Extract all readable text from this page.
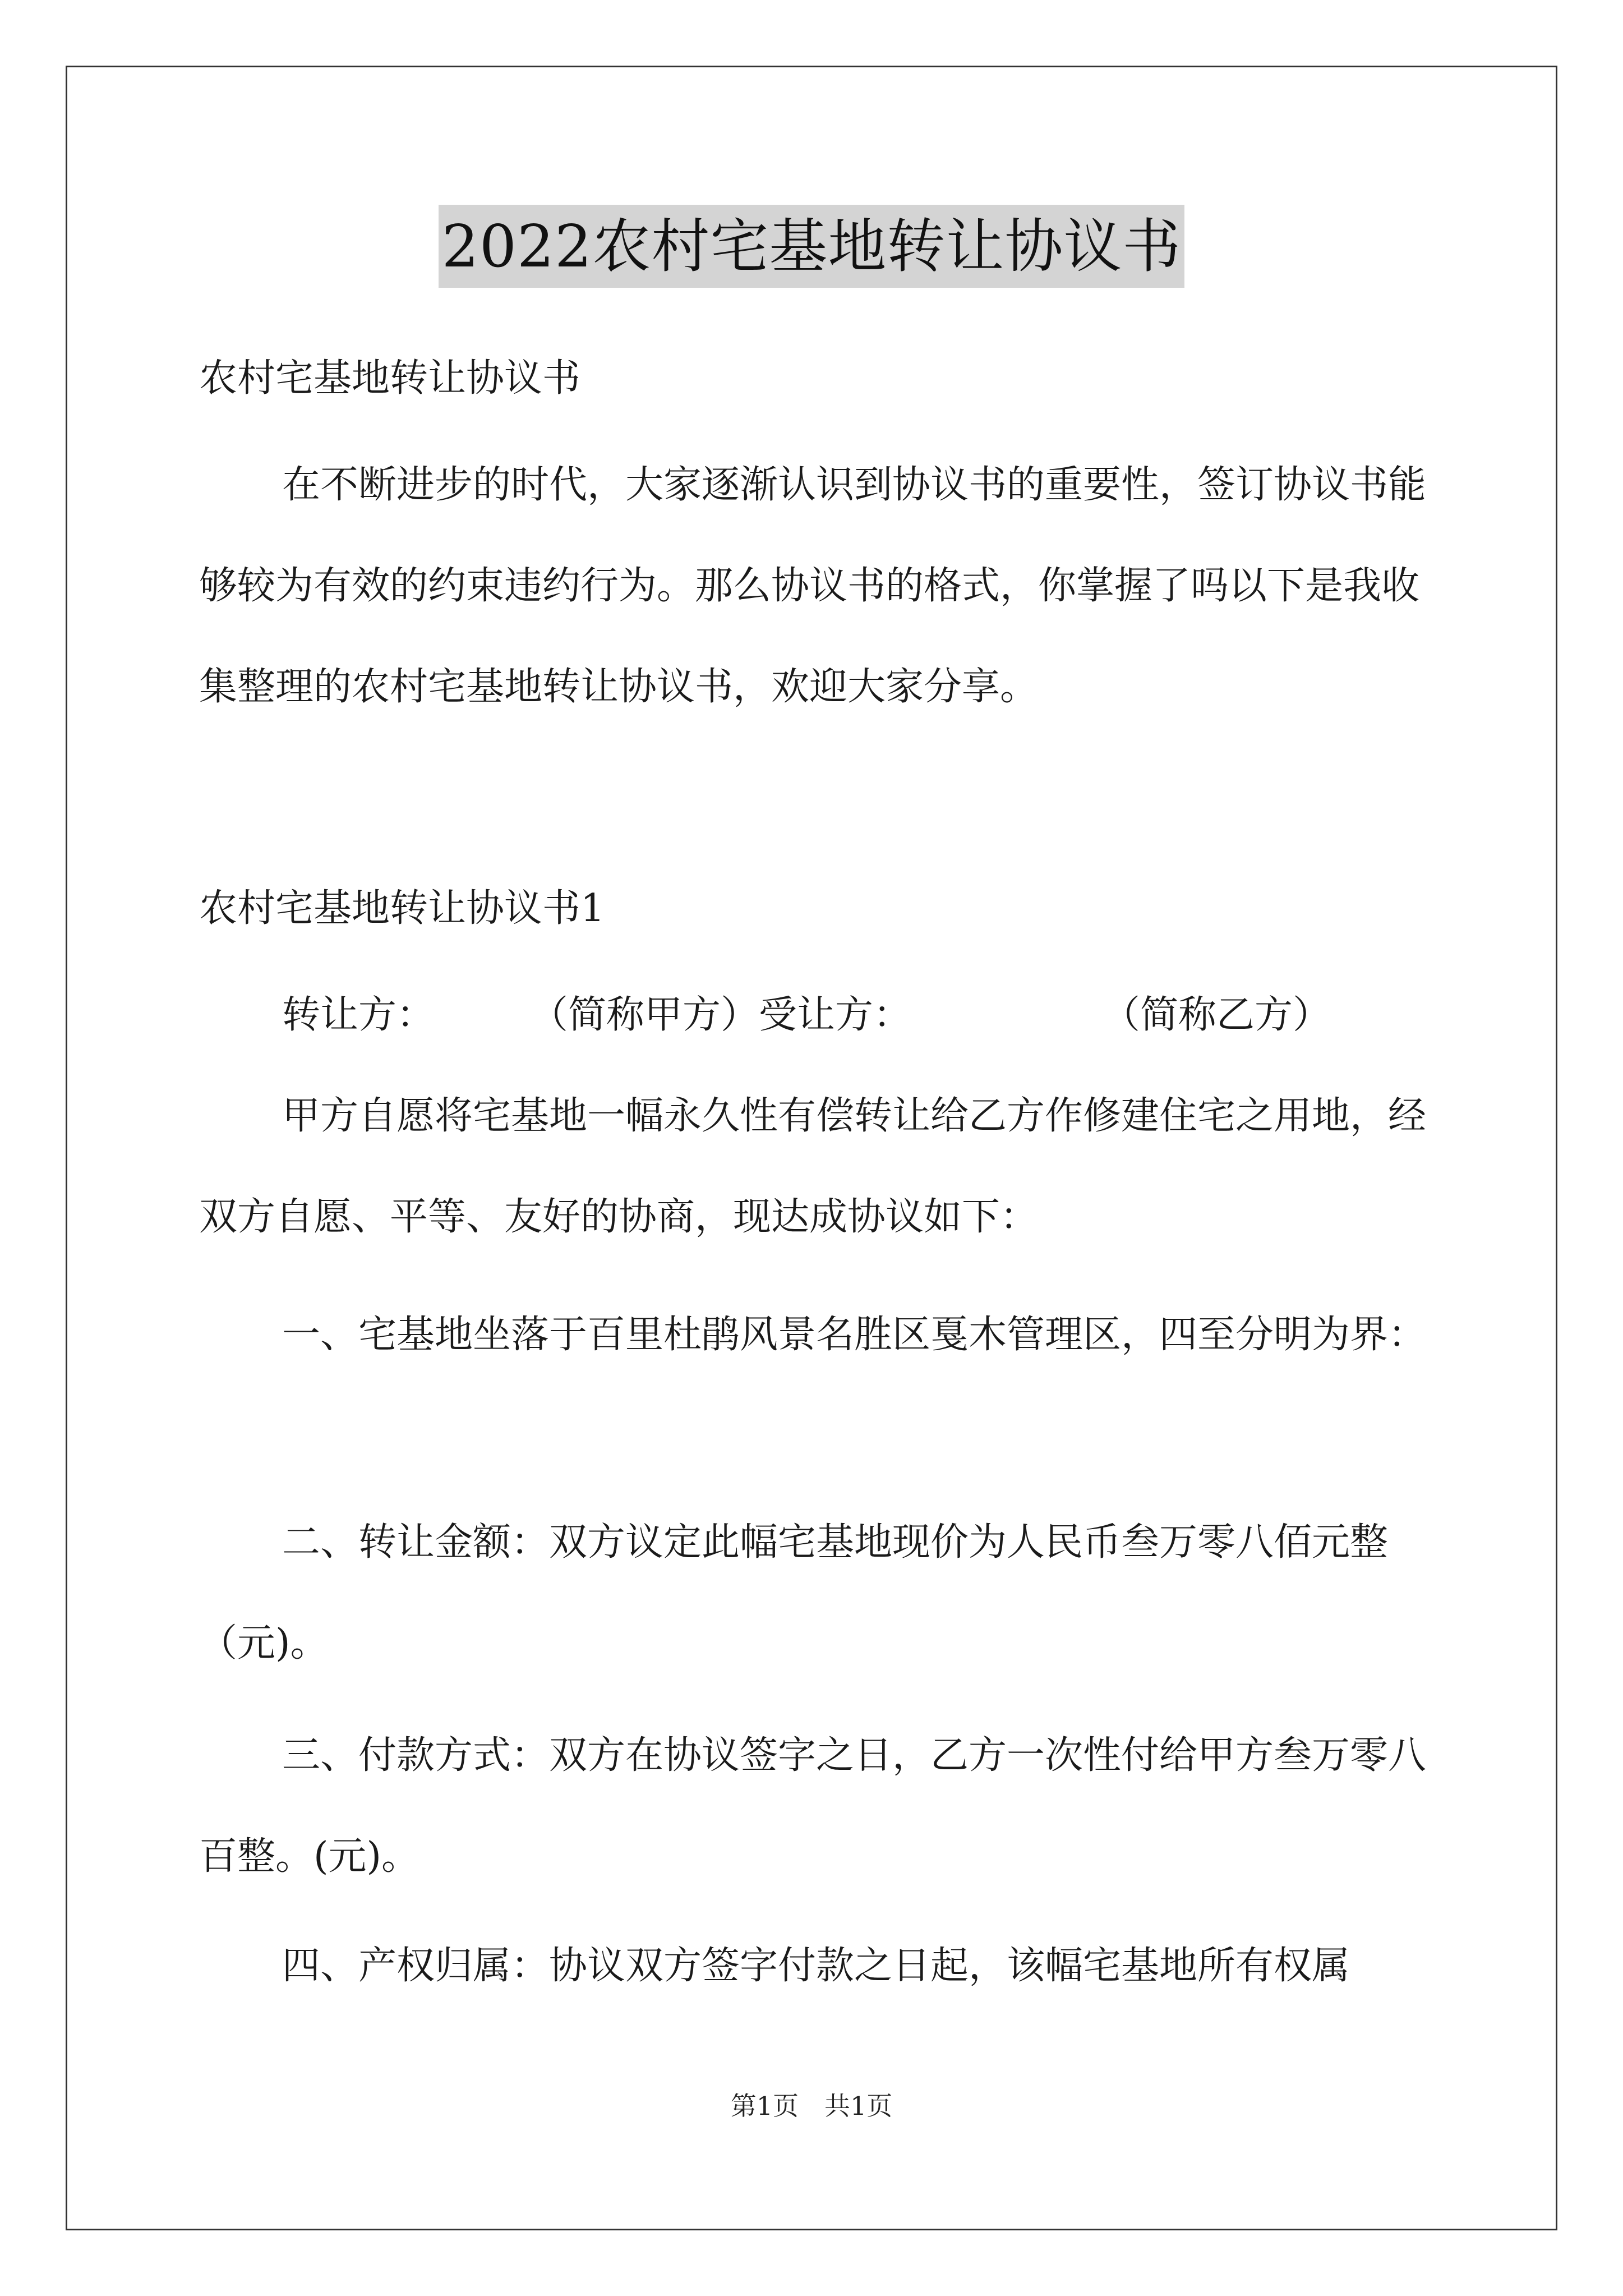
2022农村宅基地转让协议书

农村宅基地转让协议书

在不断进步的时代，大家逐渐认识到协议书的重要性，签订协议书能够较为有效的约束违约行为。那么协议书的格式，你掌握了吗以下是我收集整理的农村宅基地转让协议书，欢迎大家分享。

农村宅基地转让协议书1

转让方：	（简称甲方）受让方：	（简称乙方）

甲方自愿将宅基地一幅永久性有偿转让给乙方作修建住宅之用地，经双方自愿、平等、友好的协商，现达成协议如下：

一、宅基地坐落于百里杜鹃风景名胜区戛木管理区，四至分明为界：

二、转让金额：双方议定此幅宅基地现价为人民币叁万零八佰元整（元)。

三、付款方式：双方在协议签字之日，乙方一次性付给甲方叁万零八百整。(元)。

四、产权归属：协议双方签字付款之日起，该幅宅基地所有权属

第1页 共1页
